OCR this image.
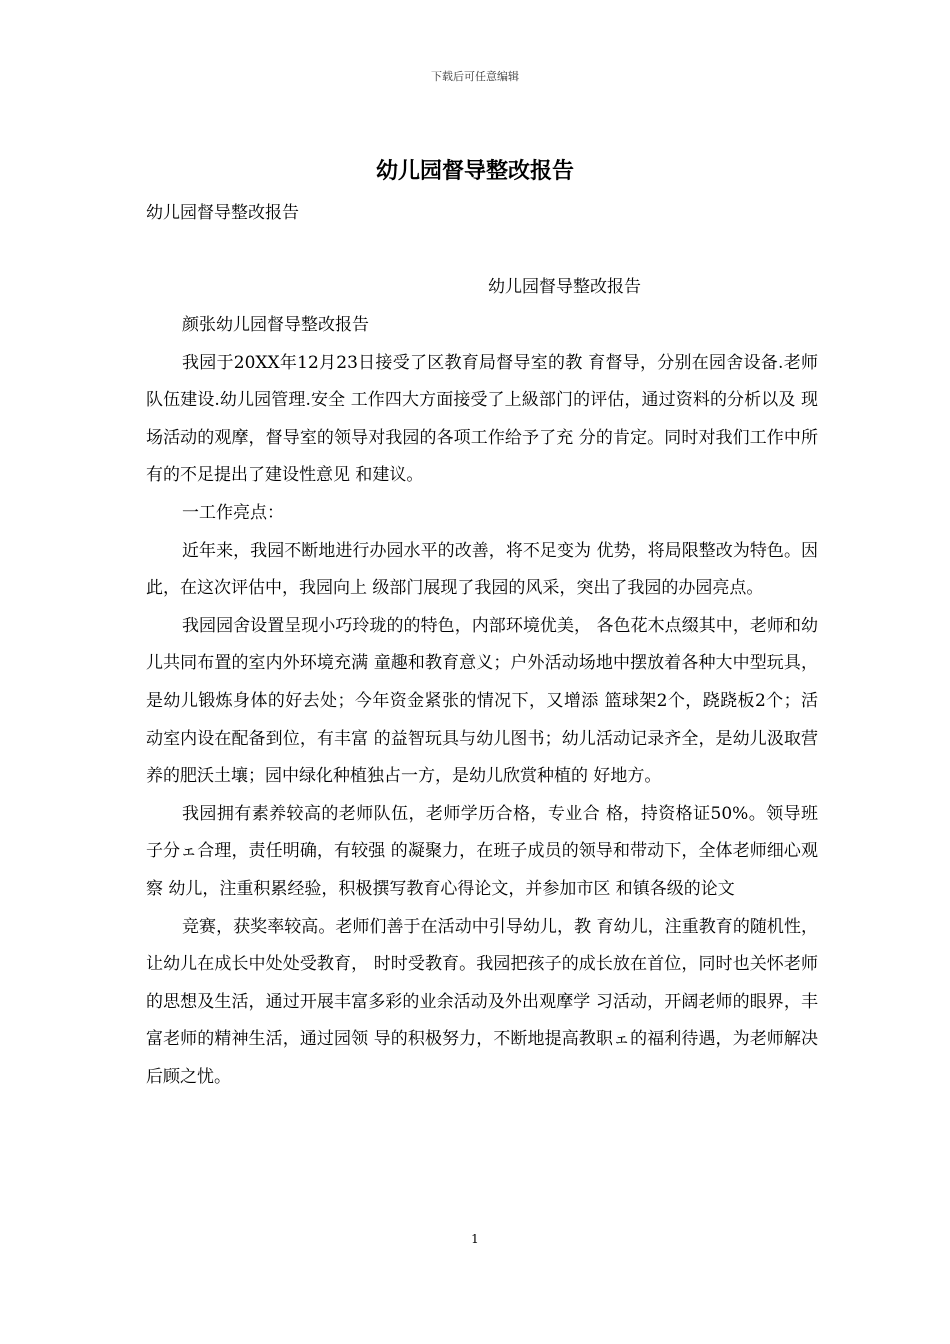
下载后可任意编辑
幼儿园督导整改报告

幼儿园督导整改报告

幼儿园督导整改报告

颜张幼儿园督导整改报告

我园于20XX年12月23日接受了区教育局督导室的教 育督导，分别在园舍设备.老师队伍建设.幼儿园管理.安全 工作四大方面接受了上級部门的评估，通过资料的分析以及 现场活动的观摩，督导室的领导对我园的各项工作给予了充 分的肯定。同时对我们工作中所有的不足提出了建设性意见 和建议。

一工作亮点：

近年来，我园不断地进行办园水平的改善，将不足变为 优势，将局限整改为特色。因此，在这次评估中，我园向上 级部门展现了我园的风采，突出了我园的办园亮点。

我园园舍设置呈现小巧玲珑的的特色，内部环境优美， 各色花木点缀其中，老师和幼儿共同布置的室内外环境充满 童趣和教育意义；户外活动场地中摆放着各种大中型玩具， 是幼儿锻炼身体的好去处；今年资金紧张的情况下，又增添 篮球架2个，跷跷板2个；活动室内设在配备到位，有丰富 的益智玩具与幼儿图书；幼儿活动记录齐全，是幼儿汲取营 养的肥沃土壤；园中绿化种植独占一方，是幼儿欣赏种植的 好地方。

我园拥有素养较高的老师队伍，老师学历合格，专业合 格，持资格证50%。领导班子分ェ合理，责任明确，有较强 的凝聚力，在班子成员的领导和带动下，全体老师细心观察 幼儿，注重积累经验，积极撰写教育心得论文，并参加市区 和镇各级的论文

竞赛，获奖率较高。老师们善于在活动中引导幼儿，教 育幼儿，注重教育的随机性，让幼儿在成长中处处受教育， 时时受教育。我园把孩子的成长放在首位，同时也关怀老师 的思想及生活，通过开展丰富多彩的业余活动及外出观摩学 习活动，开阔老师的眼界，丰富老师的精神生活，通过园领 导的积极努力，不断地提高教职ェ的福利待遇，为老师解决 后顾之忧。

1
